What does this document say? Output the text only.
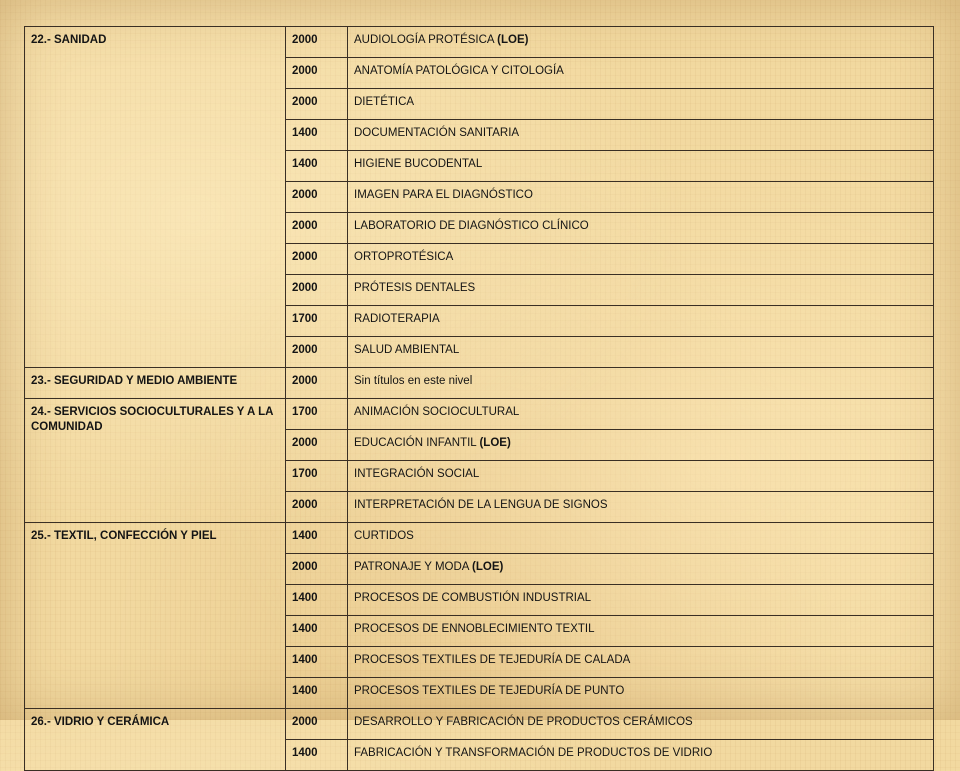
22.- SANIDAD	2000	AUDIOLOGÍA PROTÉSICA (LOE)
	2000	ANATOMÍA PATOLÓGICA Y CITOLOGÍA
	2000	DIETÉTICA
	1400	DOCUMENTACIÓN SANITARIA
	1400	HIGIENE BUCODENTAL
	2000	IMAGEN PARA EL DIAGNÓSTICO
	2000	LABORATORIO DE DIAGNÓSTICO CLÍNICO
	2000	ORTOPROTÉSICA
	2000	PRÓTESIS DENTALES
	1700	RADIOTERAPIA
	2000	SALUD AMBIENTAL
23.- SEGURIDAD Y MEDIO AMBIENTE	2000	Sin títulos en este nivel
24.- SERVICIOS SOCIOCULTURALES Y A LA COMUNIDAD	1700	ANIMACIÓN SOCIOCULTURAL
	2000	EDUCACIÓN INFANTIL (LOE)
	1700	INTEGRACIÓN SOCIAL
	2000	INTERPRETACIÓN DE LA LENGUA DE SIGNOS
25.- TEXTIL, CONFECCIÓN Y PIEL	1400	CURTIDOS
	2000	PATRONAJE Y MODA (LOE)
	1400	PROCESOS DE COMBUSTIÓN INDUSTRIAL
	1400	PROCESOS DE ENNOBLECIMIENTO TEXTIL
	1400	PROCESOS TEXTILES DE TEJEDURÍA DE CALADA
	1400	PROCESOS TEXTILES DE TEJEDURÍA DE PUNTO
26.- VIDRIO Y CERÁMICA	2000	DESARROLLO Y FABRICACIÓN DE PRODUCTOS CERÁMICOS
	1400	FABRICACIÓN Y TRANSFORMACIÓN DE PRODUCTOS DE VIDRIO
